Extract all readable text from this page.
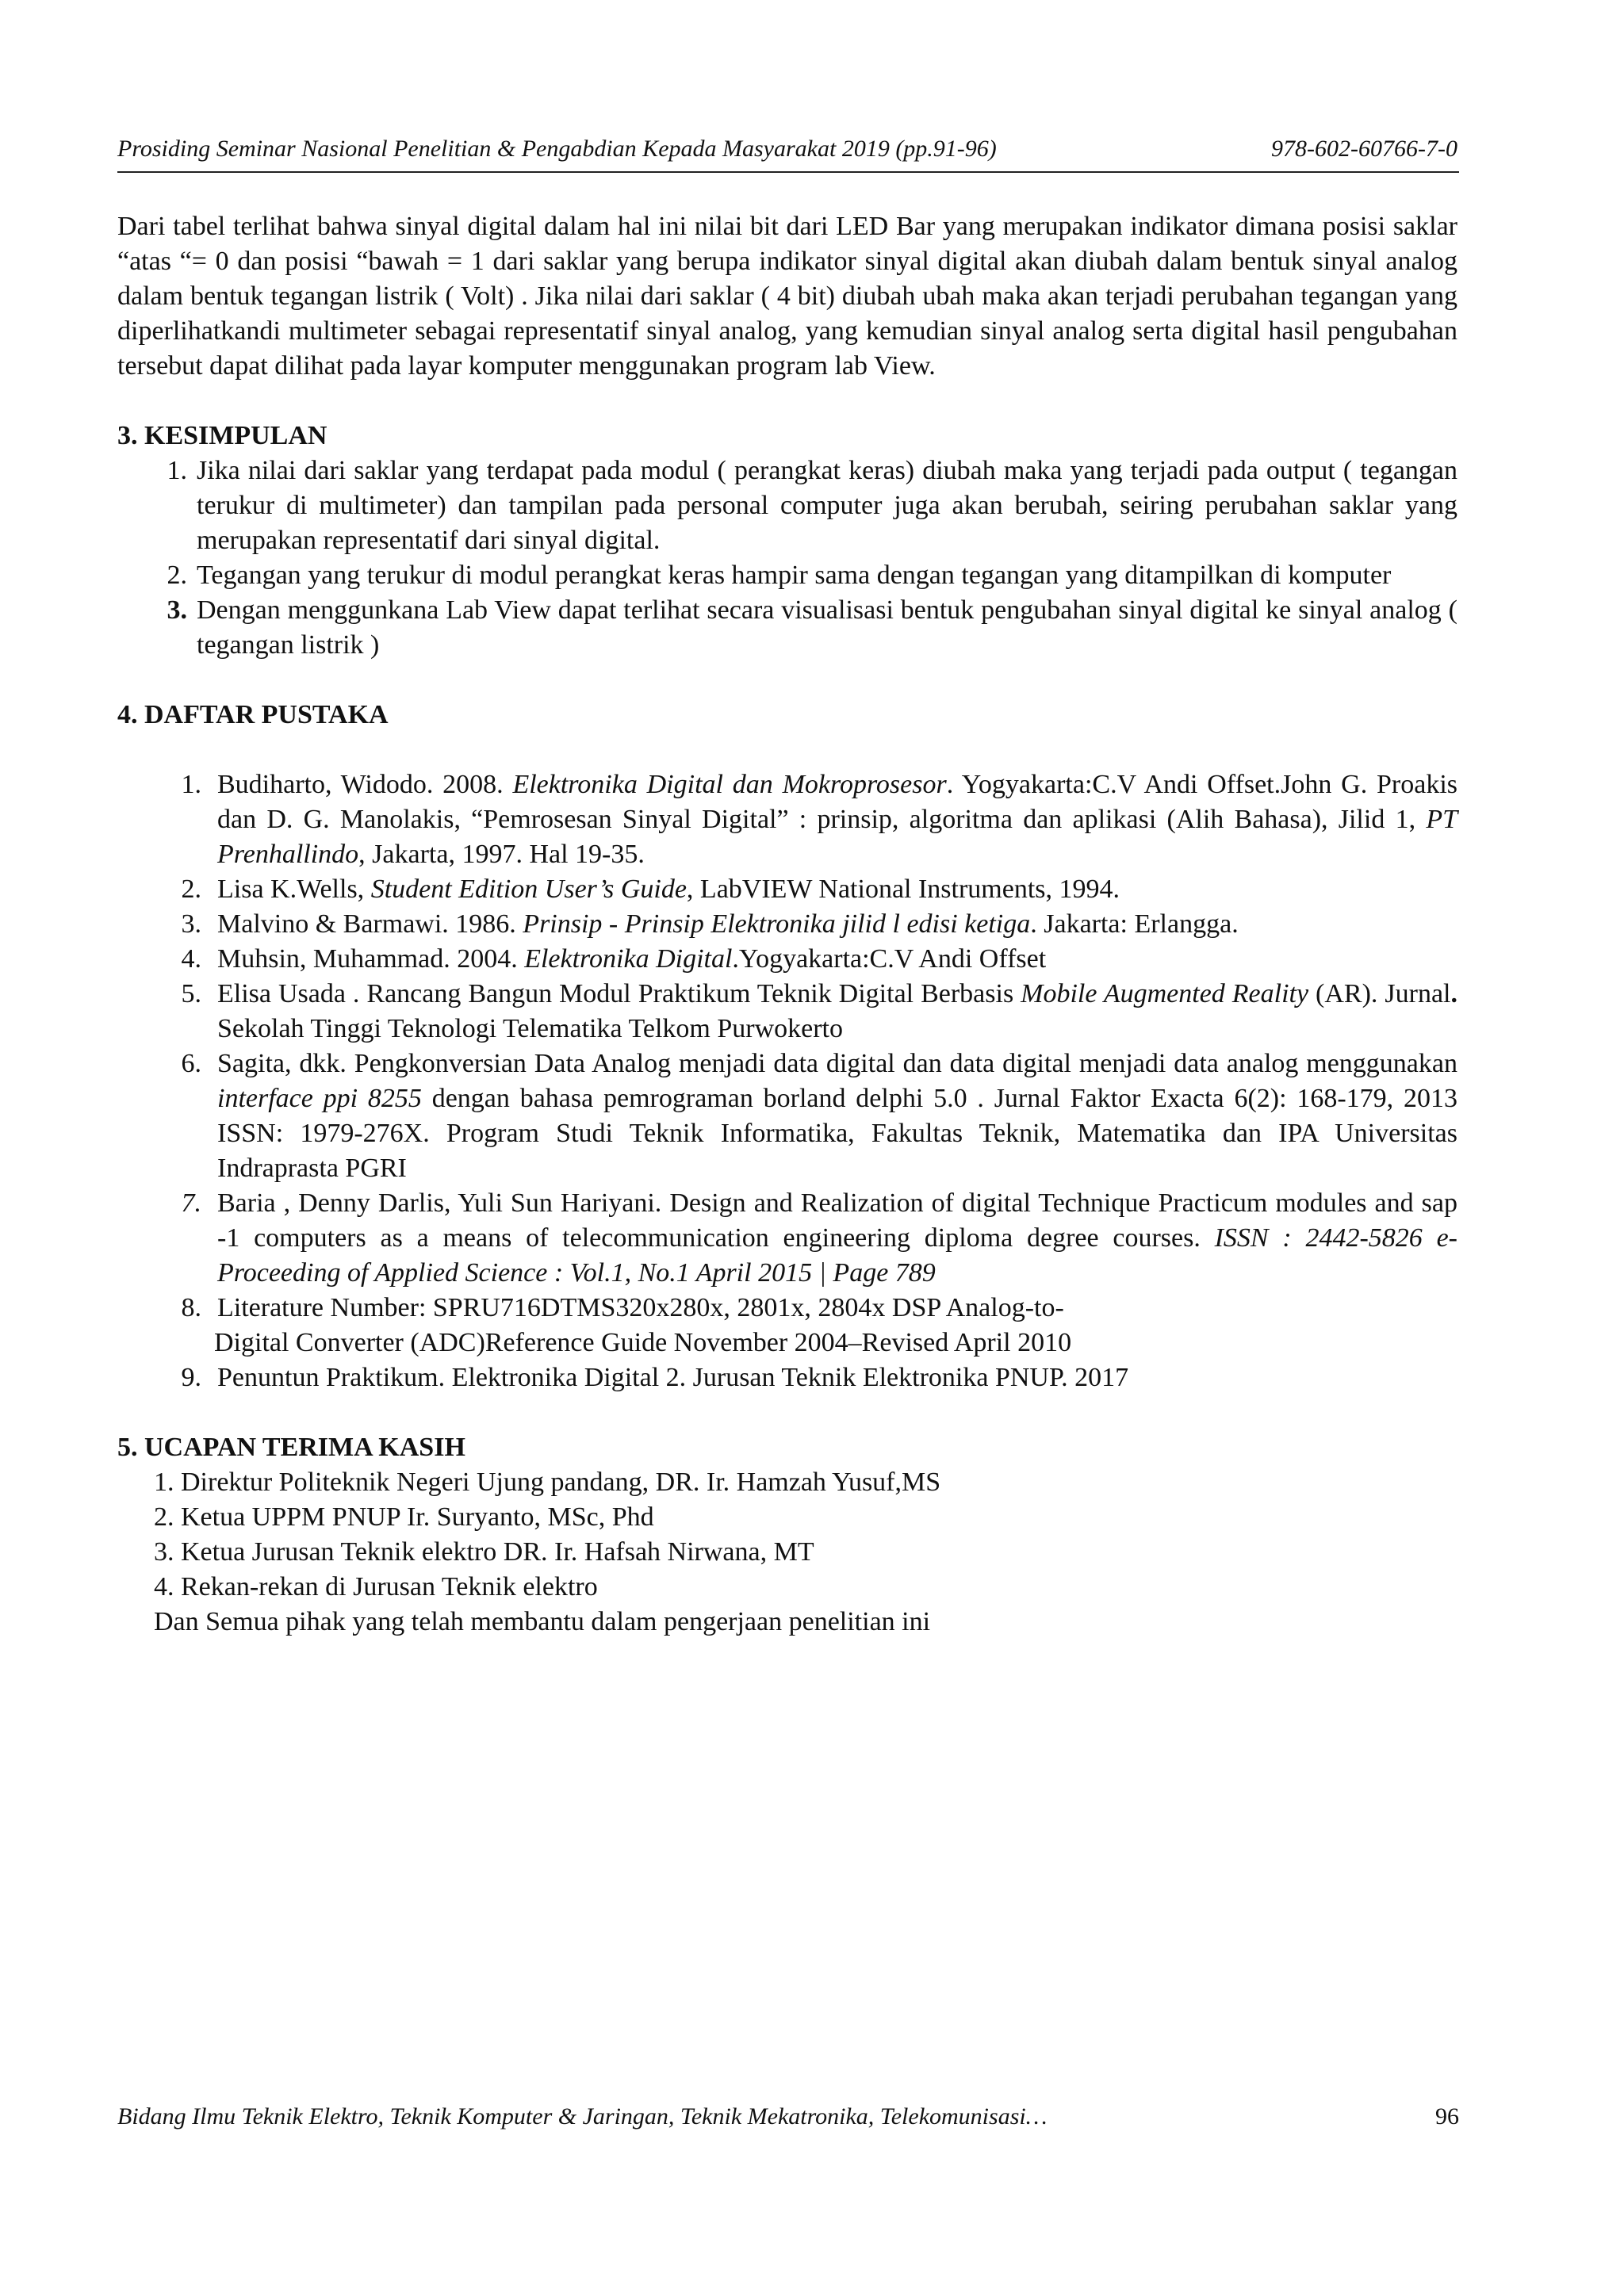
Prosiding Seminar Nasional Penelitian & Pengabdian Kepada Masyarakat 2019 (pp.91-96)	978-602-60766-7-0

Dari tabel terlihat bahwa sinyal digital dalam hal ini nilai bit dari LED Bar yang merupakan indikator dimana posisi saklar “atas “= 0 dan posisi “bawah = 1 dari saklar yang berupa indikator sinyal digital akan diubah dalam bentuk sinyal analog dalam bentuk tegangan listrik ( Volt) . Jika nilai dari saklar ( 4 bit) diubah ubah maka akan terjadi perubahan tegangan yang diperlihatkandi multimeter sebagai representatif sinyal analog, yang kemudian sinyal analog serta digital hasil pengubahan tersebut dapat dilihat pada layar komputer menggunakan program lab View.

3. KESIMPULAN

1. Jika nilai dari saklar yang terdapat pada modul ( perangkat keras) diubah maka yang terjadi pada output ( tegangan terukur di multimeter) dan tampilan pada personal computer juga akan berubah, seiring perubahan saklar yang merupakan representatif dari sinyal digital.
2. Tegangan yang terukur di modul perangkat keras hampir sama dengan tegangan yang ditampilkan di komputer
3. Dengan menggunkana Lab View dapat terlihat secara visualisasi bentuk pengubahan sinyal digital ke sinyal analog ( tegangan listrik )

4. DAFTAR PUSTAKA

1. Budiharto, Widodo. 2008. Elektronika Digital dan Mokroprosesor. Yogyakarta:C.V Andi Offset.John G. Proakis dan D. G. Manolakis, “Pemrosesan Sinyal Digital” : prinsip, algoritma dan aplikasi (Alih Bahasa), Jilid 1, PT Prenhallindo, Jakarta, 1997. Hal 19-35.
2. Lisa K.Wells, Student Edition User’s Guide, LabVIEW National Instruments, 1994.
3. Malvino & Barmawi. 1986. Prinsip - Prinsip Elektronika jilid l edisi ketiga. Jakarta: Erlangga.
4. Muhsin, Muhammad. 2004. Elektronika Digital.Yogyakarta:C.V Andi Offset
5. Elisa Usada . Rancang Bangun Modul Praktikum Teknik Digital Berbasis Mobile Augmented Reality (AR). Jurnal. Sekolah Tinggi Teknologi Telematika Telkom Purwokerto
6. Sagita, dkk. Pengkonversian Data Analog menjadi data digital dan data digital menjadi data analog menggunakan interface ppi 8255 dengan bahasa pemrograman borland delphi 5.0 . Jurnal Faktor Exacta 6(2): 168-179, 2013 ISSN: 1979-276X. Program Studi Teknik Informatika, Fakultas Teknik, Matematika dan IPA Universitas Indraprasta PGRI
7. Baria , Denny Darlis, Yuli Sun Hariyani. Design and Realization of digital Technique Practicum modules and sap -1 computers as a means of telecommunication engineering diploma degree courses. ISSN : 2442-5826 e-Proceeding of Applied Science : Vol.1, No.1 April 2015 | Page 789
8. Literature Number: SPRU716DTMS320x280x, 2801x, 2804x DSP Analog-to-
Digital Converter (ADC)Reference Guide November 2004–Revised April 2010
9. Penuntun Praktikum. Elektronika Digital 2. Jurusan Teknik Elektronika PNUP. 2017

5. UCAPAN TERIMA KASIH

1. Direktur Politeknik Negeri Ujung pandang, DR. Ir. Hamzah Yusuf,MS

2. Ketua UPPM PNUP Ir. Suryanto, MSc, Phd

3. Ketua Jurusan Teknik elektro DR. Ir. Hafsah Nirwana, MT

4. Rekan-rekan di Jurusan Teknik elektro

Dan Semua pihak yang telah membantu dalam pengerjaan penelitian ini

Bidang Ilmu Teknik Elektro, Teknik Komputer & Jaringan, Teknik Mekatronika, Telekomunisasi…	96
